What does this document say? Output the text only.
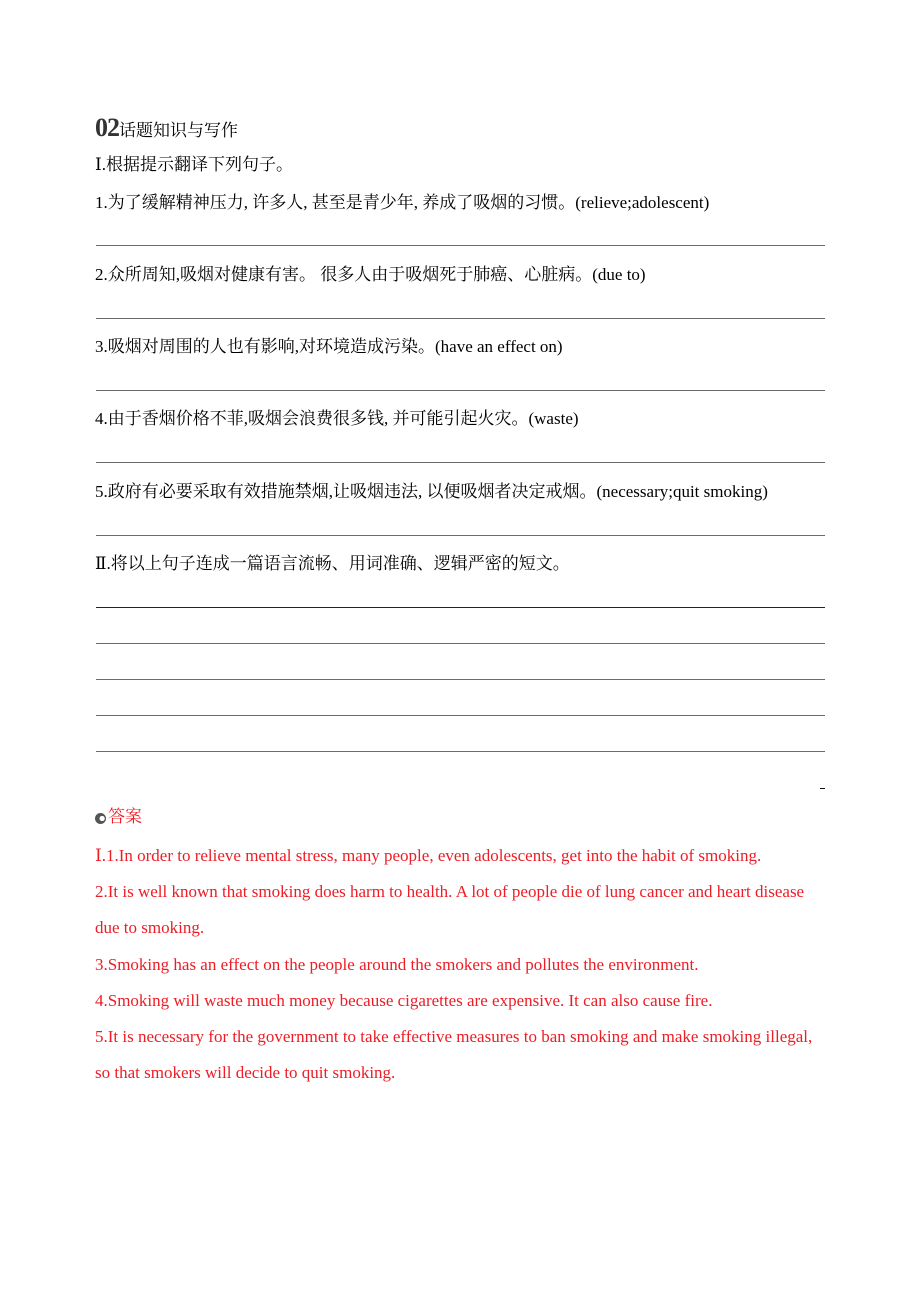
02话题知识与写作
Ⅰ.根据提示翻译下列句子。
1.为了缓解精神压力, 许多人, 甚至是青少年, 养成了吸烟的习惯。(relieve;adolescent)
2.众所周知,吸烟对健康有害。 很多人由于吸烟死于肺癌、心脏病。(due to)
3.吸烟对周围的人也有影响,对环境造成污染。(have an effect on)
4.由于香烟价格不菲,吸烟会浪费很多钱, 并可能引起火灾。(waste)
5.政府有必要采取有效措施禁烟,让吸烟违法, 以便吸烟者决定戒烟。(necessary;quit smoking)
Ⅱ.将以上句子连成一篇语言流畅、用词准确、逻辑严密的短文。
答案

Ⅰ.1.In order to relieve mental stress, many people, even adolescents, get into the habit of smoking.

2.It is well known that smoking does harm to health. A lot of people die of lung cancer and heart disease due to smoking.

3.Smoking has an effect on the people around the smokers and pollutes the environment.

4.Smoking will waste much money because cigarettes are expensive. It can also cause fire.

5.It is necessary for the government to take effective measures to ban smoking and make smoking illegal, so that smokers will decide to quit smoking.
